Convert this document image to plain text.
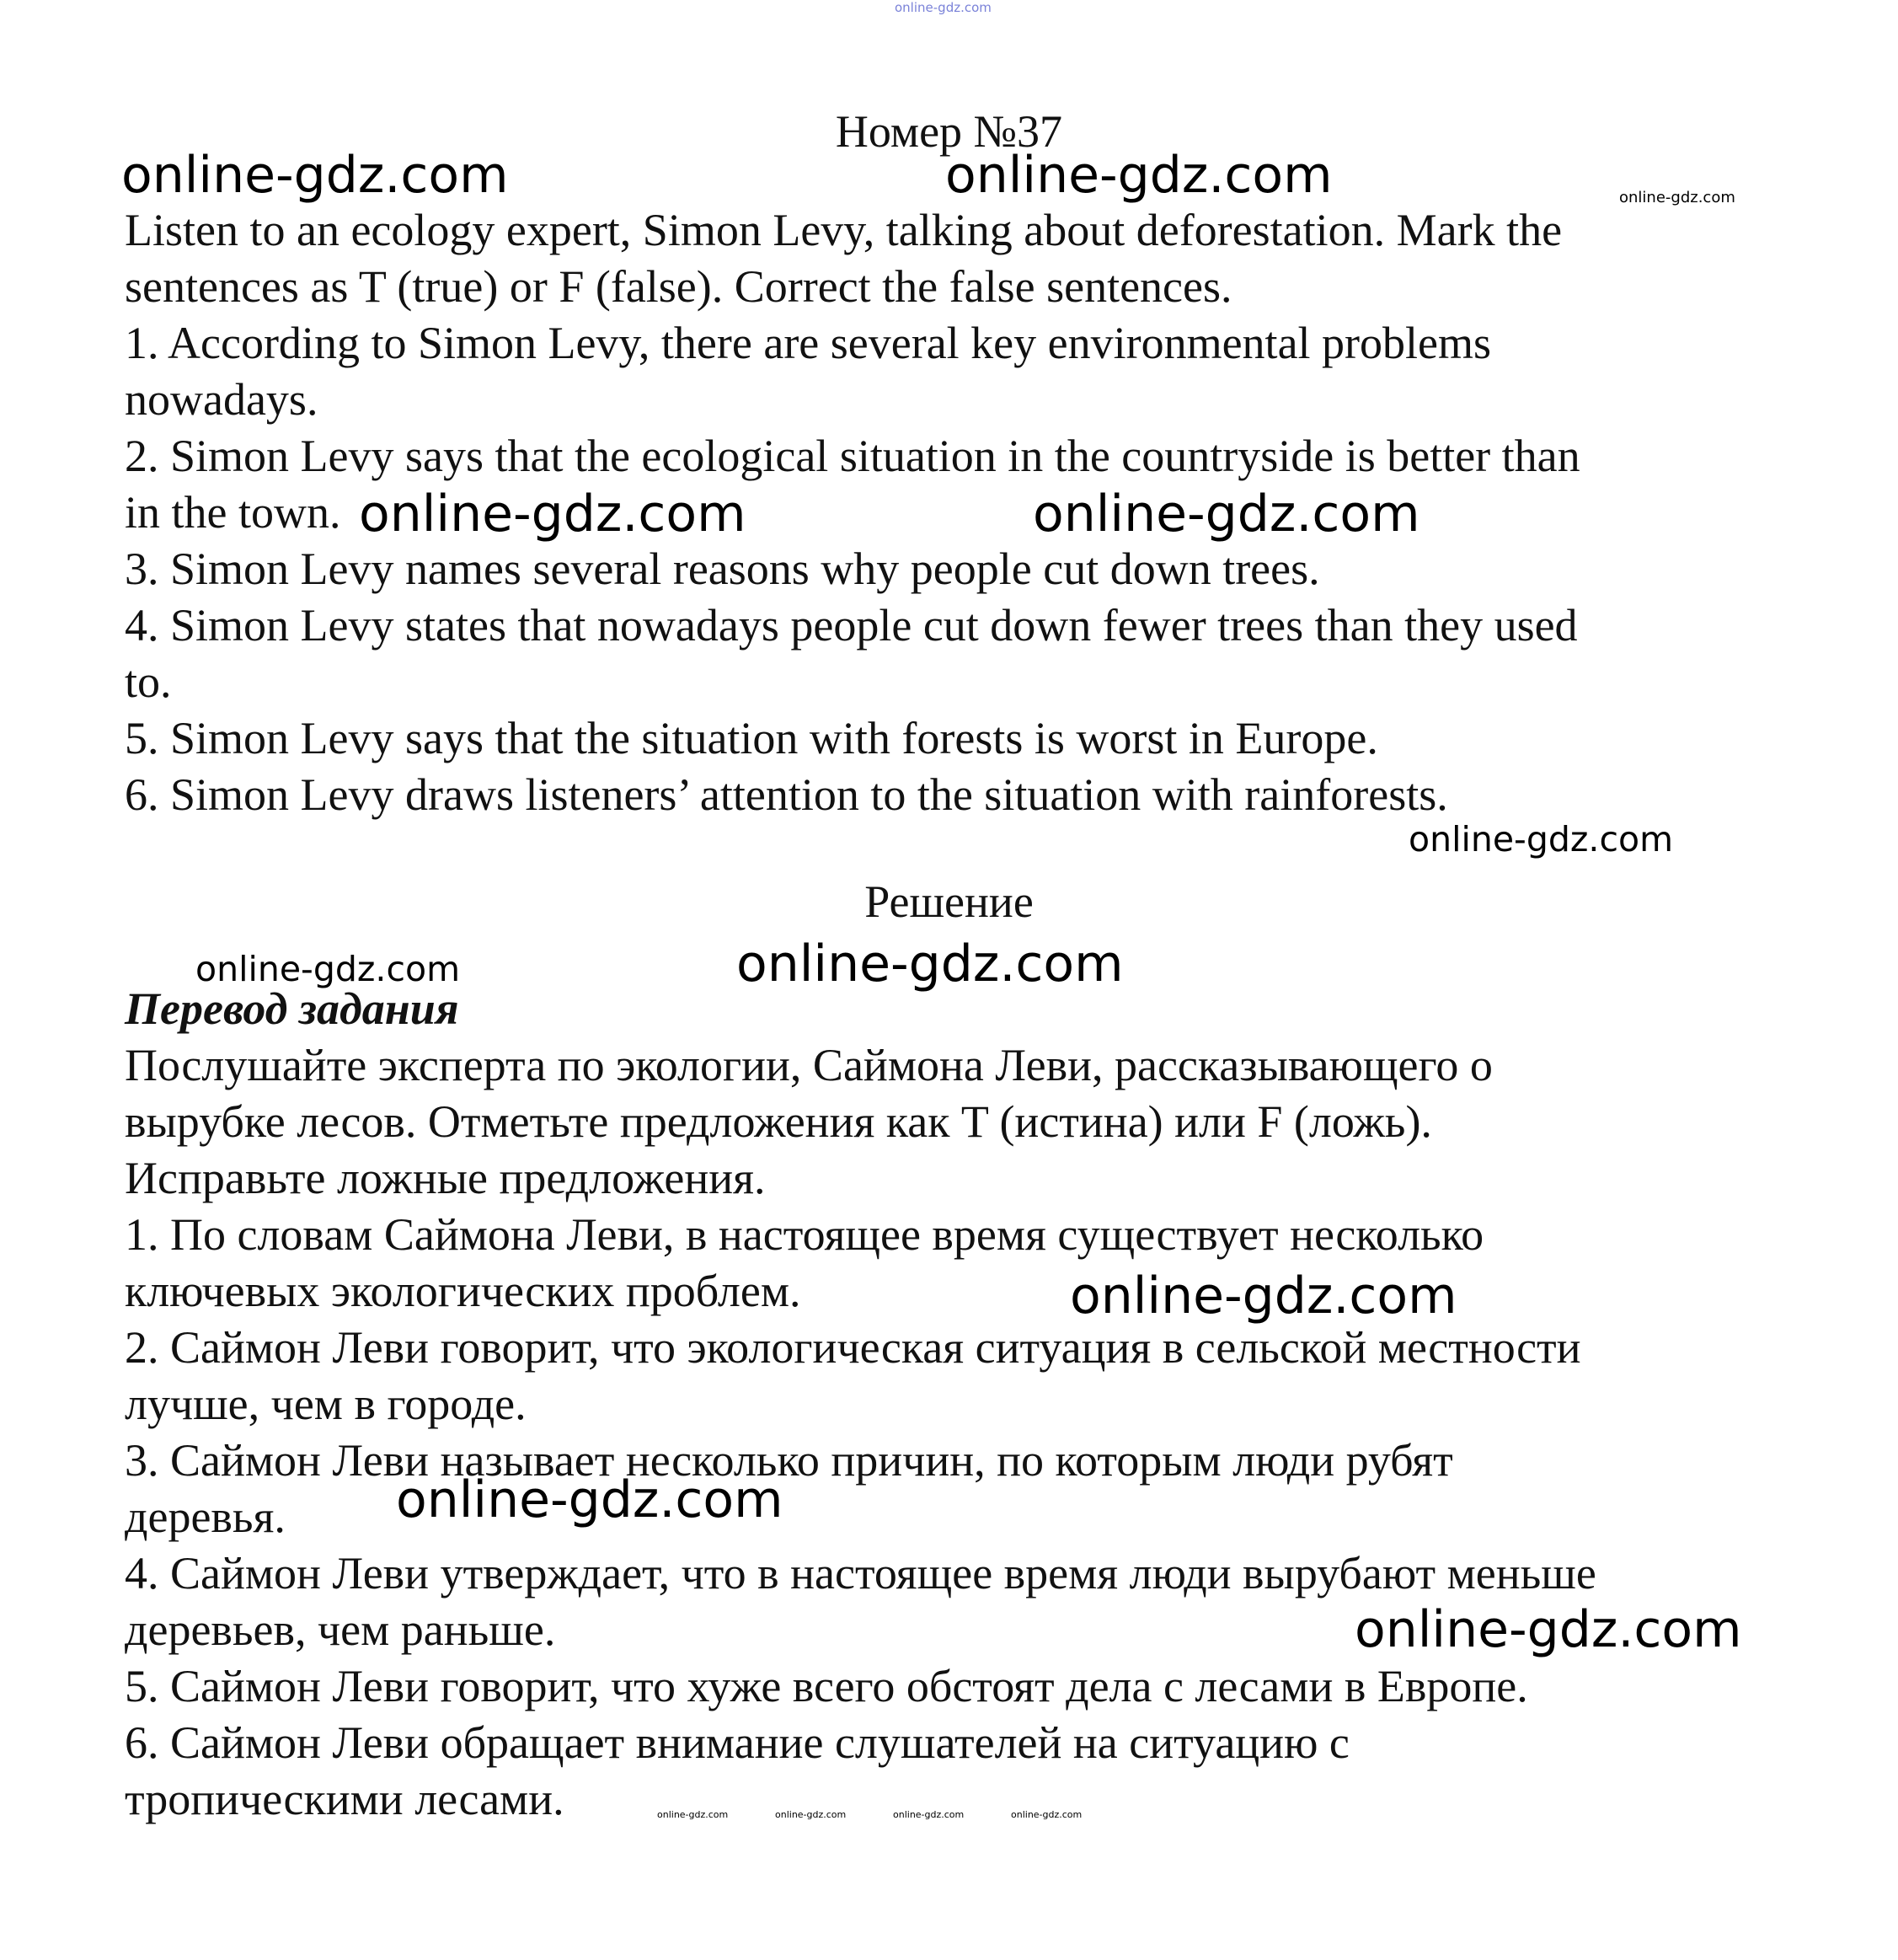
online-gdz.com
Номер №37
online-gdz.com	online-gdz.com	online-gdz.com
Listen to an ecology expert, Simon Levy, talking about deforestation. Mark the
sentences as T (true) or F (false). Correct the false sentences.
1. According to Simon Levy, there are several key environmental problems
nowadays.
2. Simon Levy says that the ecological situation in the countryside is better than
in the town.
3. Simon Levy names several reasons why people cut down trees.
4. Simon Levy states that nowadays people cut down fewer trees than they used
to.
5. Simon Levy says that the situation with forests is worst in Europe.
6. Simon Levy draws listeners’ attention to the situation with rainforests.
online-gdz.com	online-gdz.com
online-gdz.com
Решение
online-gdz.com	online-gdz.com
Перевод задания
Послушайте эксперта по экологии, Саймона Леви, рассказывающего о
вырубке лесов. Отметьте предложения как T (истина) или F (ложь).
Исправьте ложные предложения.
1. По словам Саймона Леви, в настоящее время существует несколько
ключевых экологических проблем.
2. Саймон Леви говорит, что экологическая ситуация в сельской местности
лучше, чем в городе.
3. Саймон Леви называет несколько причин, по которым люди рубят
деревья.
4. Саймон Леви утверждает, что в настоящее время люди вырубают меньше
деревьев, чем раньше.
5. Саймон Леви говорит, что хуже всего обстоят дела с лесами в Европе.
6. Саймон Леви обращает внимание слушателей на ситуацию с
тропическими лесами.
online-gdz.com
online-gdz.com
online-gdz.com
online-gdz.com	online-gdz.com	online-gdz.com	online-gdz.com
